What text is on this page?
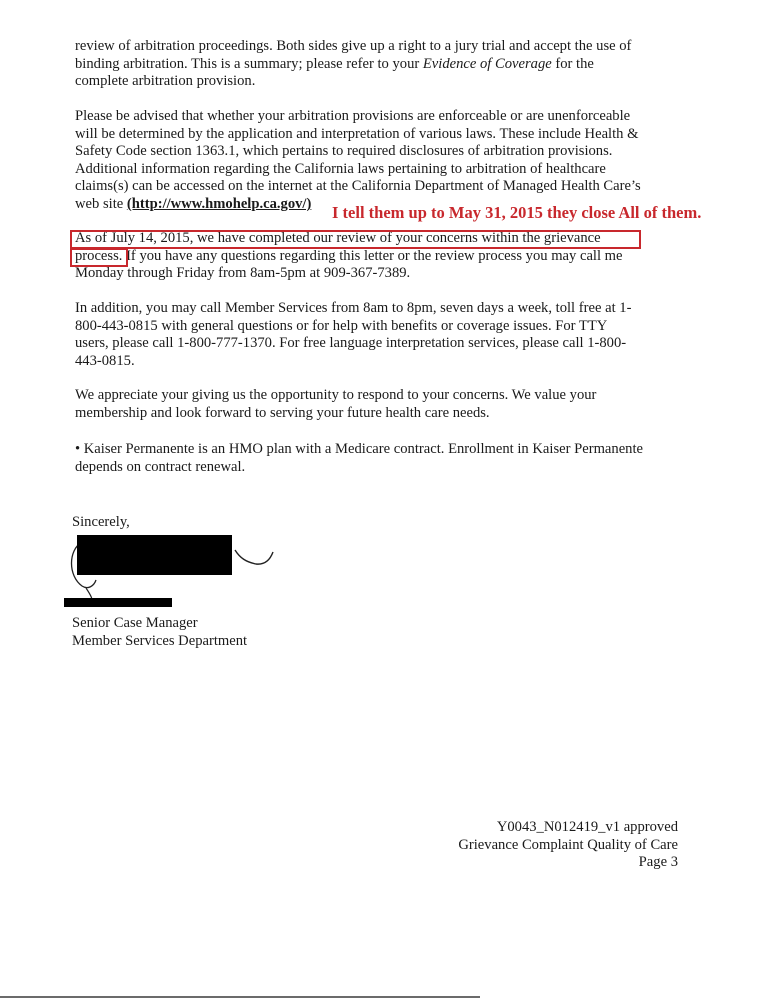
review of arbitration proceedings. Both sides give up a right to a jury trial and accept the use of
binding arbitration. This is a summary; please refer to your Evidence of Coverage for the
complete arbitration provision.
Please be advised that whether your arbitration provisions are enforceable or are unenforceable
will be determined by the application and interpretation of various laws. These include Health &
Safety Code section 1363.1, which pertains to required disclosures of arbitration provisions.
Additional information regarding the California laws pertaining to arbitration of healthcare
claims(s) can be accessed on the internet at the California Department of Managed Health Care’s
web site (http://www.hmohelp.ca.gov/)	I tell them up to May 31, 2015 they close All of them.
As of July 14, 2015, we have completed our review of your concerns within the grievance
process. If you have any questions regarding this letter or the review process you may call me
Monday through Friday from 8am-5pm at 909-367-7389.
In addition, you may call Member Services from 8am to 8pm, seven days a week, toll free at 1-
800-443-0815 with general questions or for help with benefits or coverage issues. For TTY
users, please call 1-800-777-1370. For free language interpretation services, please call 1-800-
443-0815.
We appreciate your giving us the opportunity to respond to your concerns. We value your
membership and look forward to serving your future health care needs.
• Kaiser Permanente is an HMO plan with a Medicare contract. Enrollment in Kaiser Permanente
depends on contract renewal.
Sincerely,
Senior Case Manager
Member Services Department
Y0043_N012419_v1 approved
Grievance Complaint Quality of Care
Page 3
